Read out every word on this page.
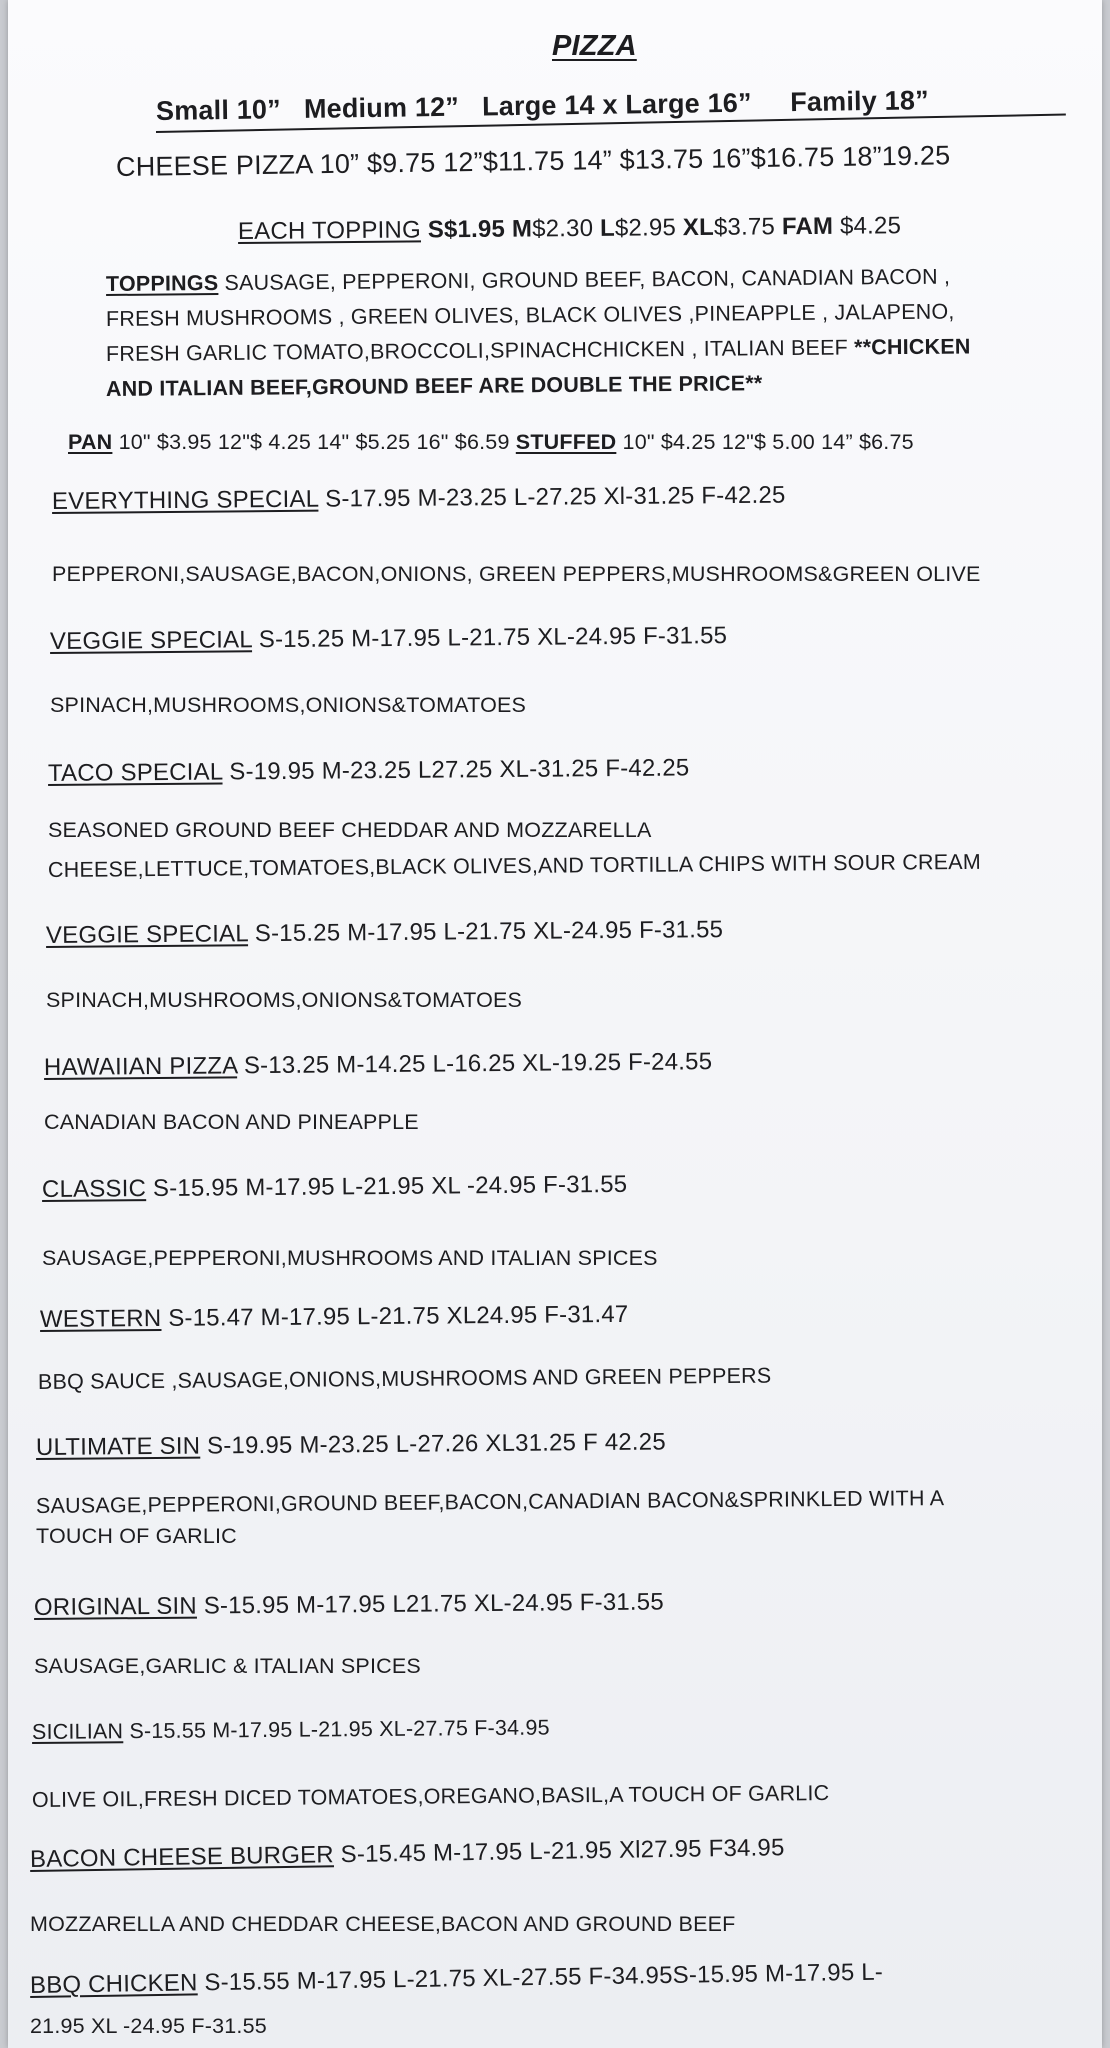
PIZZA
Small 10” Medium 12” Large 14 x Large 16” Family 18”
CHEESE PIZZA 10” $9.75 12”$11.75 14” $13.75 16”$16.75 18”19.25
EACH TOPPING S$1.95 M$2.30 L$2.95 XL$3.75 FAM $4.25
TOPPINGS SAUSAGE, PEPPERONI, GROUND BEEF, BACON, CANADIAN BACON ,
FRESH MUSHROOMS , GREEN OLIVES, BLACK OLIVES ,PINEAPPLE , JALAPENO,
FRESH GARLIC TOMATO,BROCCOLI,SPINACHCHICKEN , ITALIAN BEEF **CHICKEN
AND ITALIAN BEEF,GROUND BEEF ARE DOUBLE THE PRICE**
PAN 10" $3.95 12"$ 4.25 14" $5.25 16" $6.59 STUFFED 10" $4.25 12"$ 5.00 14” $6.75
EVERYTHING SPECIAL S-17.95 M-23.25 L-27.25 Xl-31.25 F-42.25
PEPPERONI,SAUSAGE,BACON,ONIONS, GREEN PEPPERS,MUSHROOMS&GREEN OLIVE
VEGGIE SPECIAL S-15.25 M-17.95 L-21.75 XL-24.95 F-31.55
SPINACH,MUSHROOMS,ONIONS&TOMATOES
TACO SPECIAL S-19.95 M-23.25 L27.25 XL-31.25 F-42.25
SEASONED GROUND BEEF CHEDDAR AND MOZZARELLA
CHEESE,LETTUCE,TOMATOES,BLACK OLIVES,AND TORTILLA CHIPS WITH SOUR CREAM
VEGGIE SPECIAL S-15.25 M-17.95 L-21.75 XL-24.95 F-31.55
SPINACH,MUSHROOMS,ONIONS&TOMATOES
HAWAIIAN PIZZA S-13.25 M-14.25 L-16.25 XL-19.25 F-24.55
CANADIAN BACON AND PINEAPPLE
CLASSIC S-15.95 M-17.95 L-21.95 XL -24.95 F-31.55
SAUSAGE,PEPPERONI,MUSHROOMS AND ITALIAN SPICES
WESTERN S-15.47 M-17.95 L-21.75 XL24.95 F-31.47
BBQ SAUCE ,SAUSAGE,ONIONS,MUSHROOMS AND GREEN PEPPERS
ULTIMATE SIN S-19.95 M-23.25 L-27.26 XL31.25 F 42.25
SAUSAGE,PEPPERONI,GROUND BEEF,BACON,CANADIAN BACON&SPRINKLED WITH A
TOUCH OF GARLIC
ORIGINAL SIN S-15.95 M-17.95 L21.75 XL-24.95 F-31.55
SAUSAGE,GARLIC & ITALIAN SPICES
SICILIAN S-15.55 M-17.95 L-21.95 XL-27.75 F-34.95
OLIVE OIL,FRESH DICED TOMATOES,OREGANO,BASIL,A TOUCH OF GARLIC
BACON CHEESE BURGER S-15.45 M-17.95 L-21.95 Xl27.95 F34.95
MOZZARELLA AND CHEDDAR CHEESE,BACON AND GROUND BEEF
BBQ CHICKEN S-15.55 M-17.95 L-21.75 XL-27.55 F-34.95S-15.95 M-17.95 L-
21.95 XL -24.95 F-31.55
